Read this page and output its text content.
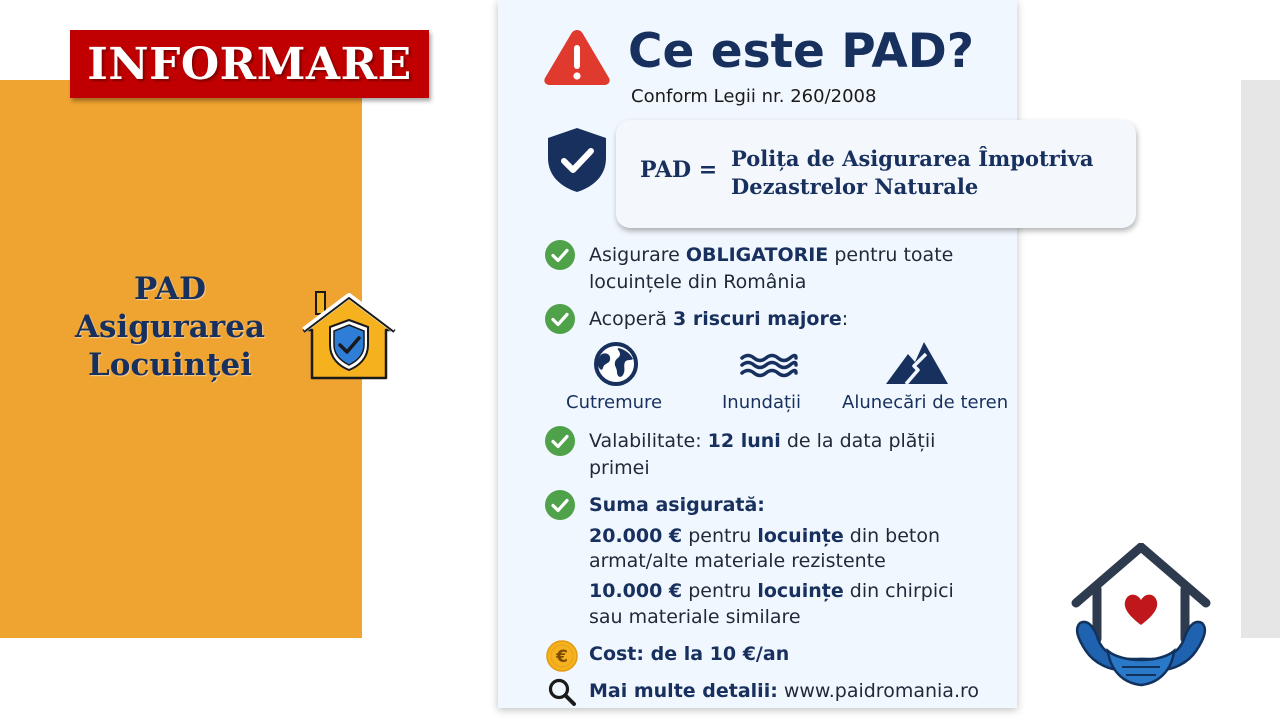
INFORMARE
PAD
Asigurarea
Locuinței
Ce este PAD?
Conform Legii nr. 260/2008
PAD = Polița de Asigurarea Împotriva
Dezastrelor Naturale
Asigurare OBLIGATORIE pentru toate
locuințele din România
Acoperă 3 riscuri majore:
Cutremure	Inundații Alunecări de teren
Valabilitate: 12 luni de la data plății
primei
Suma asigurată:
20.000 € pentru locuințe din beton
armat/alte materiale rezistente
10.000 € pentru locuințe din chirpici
sau materiale similare
€ Cost: de la 10 €/an
Mai multe detalii: www.paidromania.ro
